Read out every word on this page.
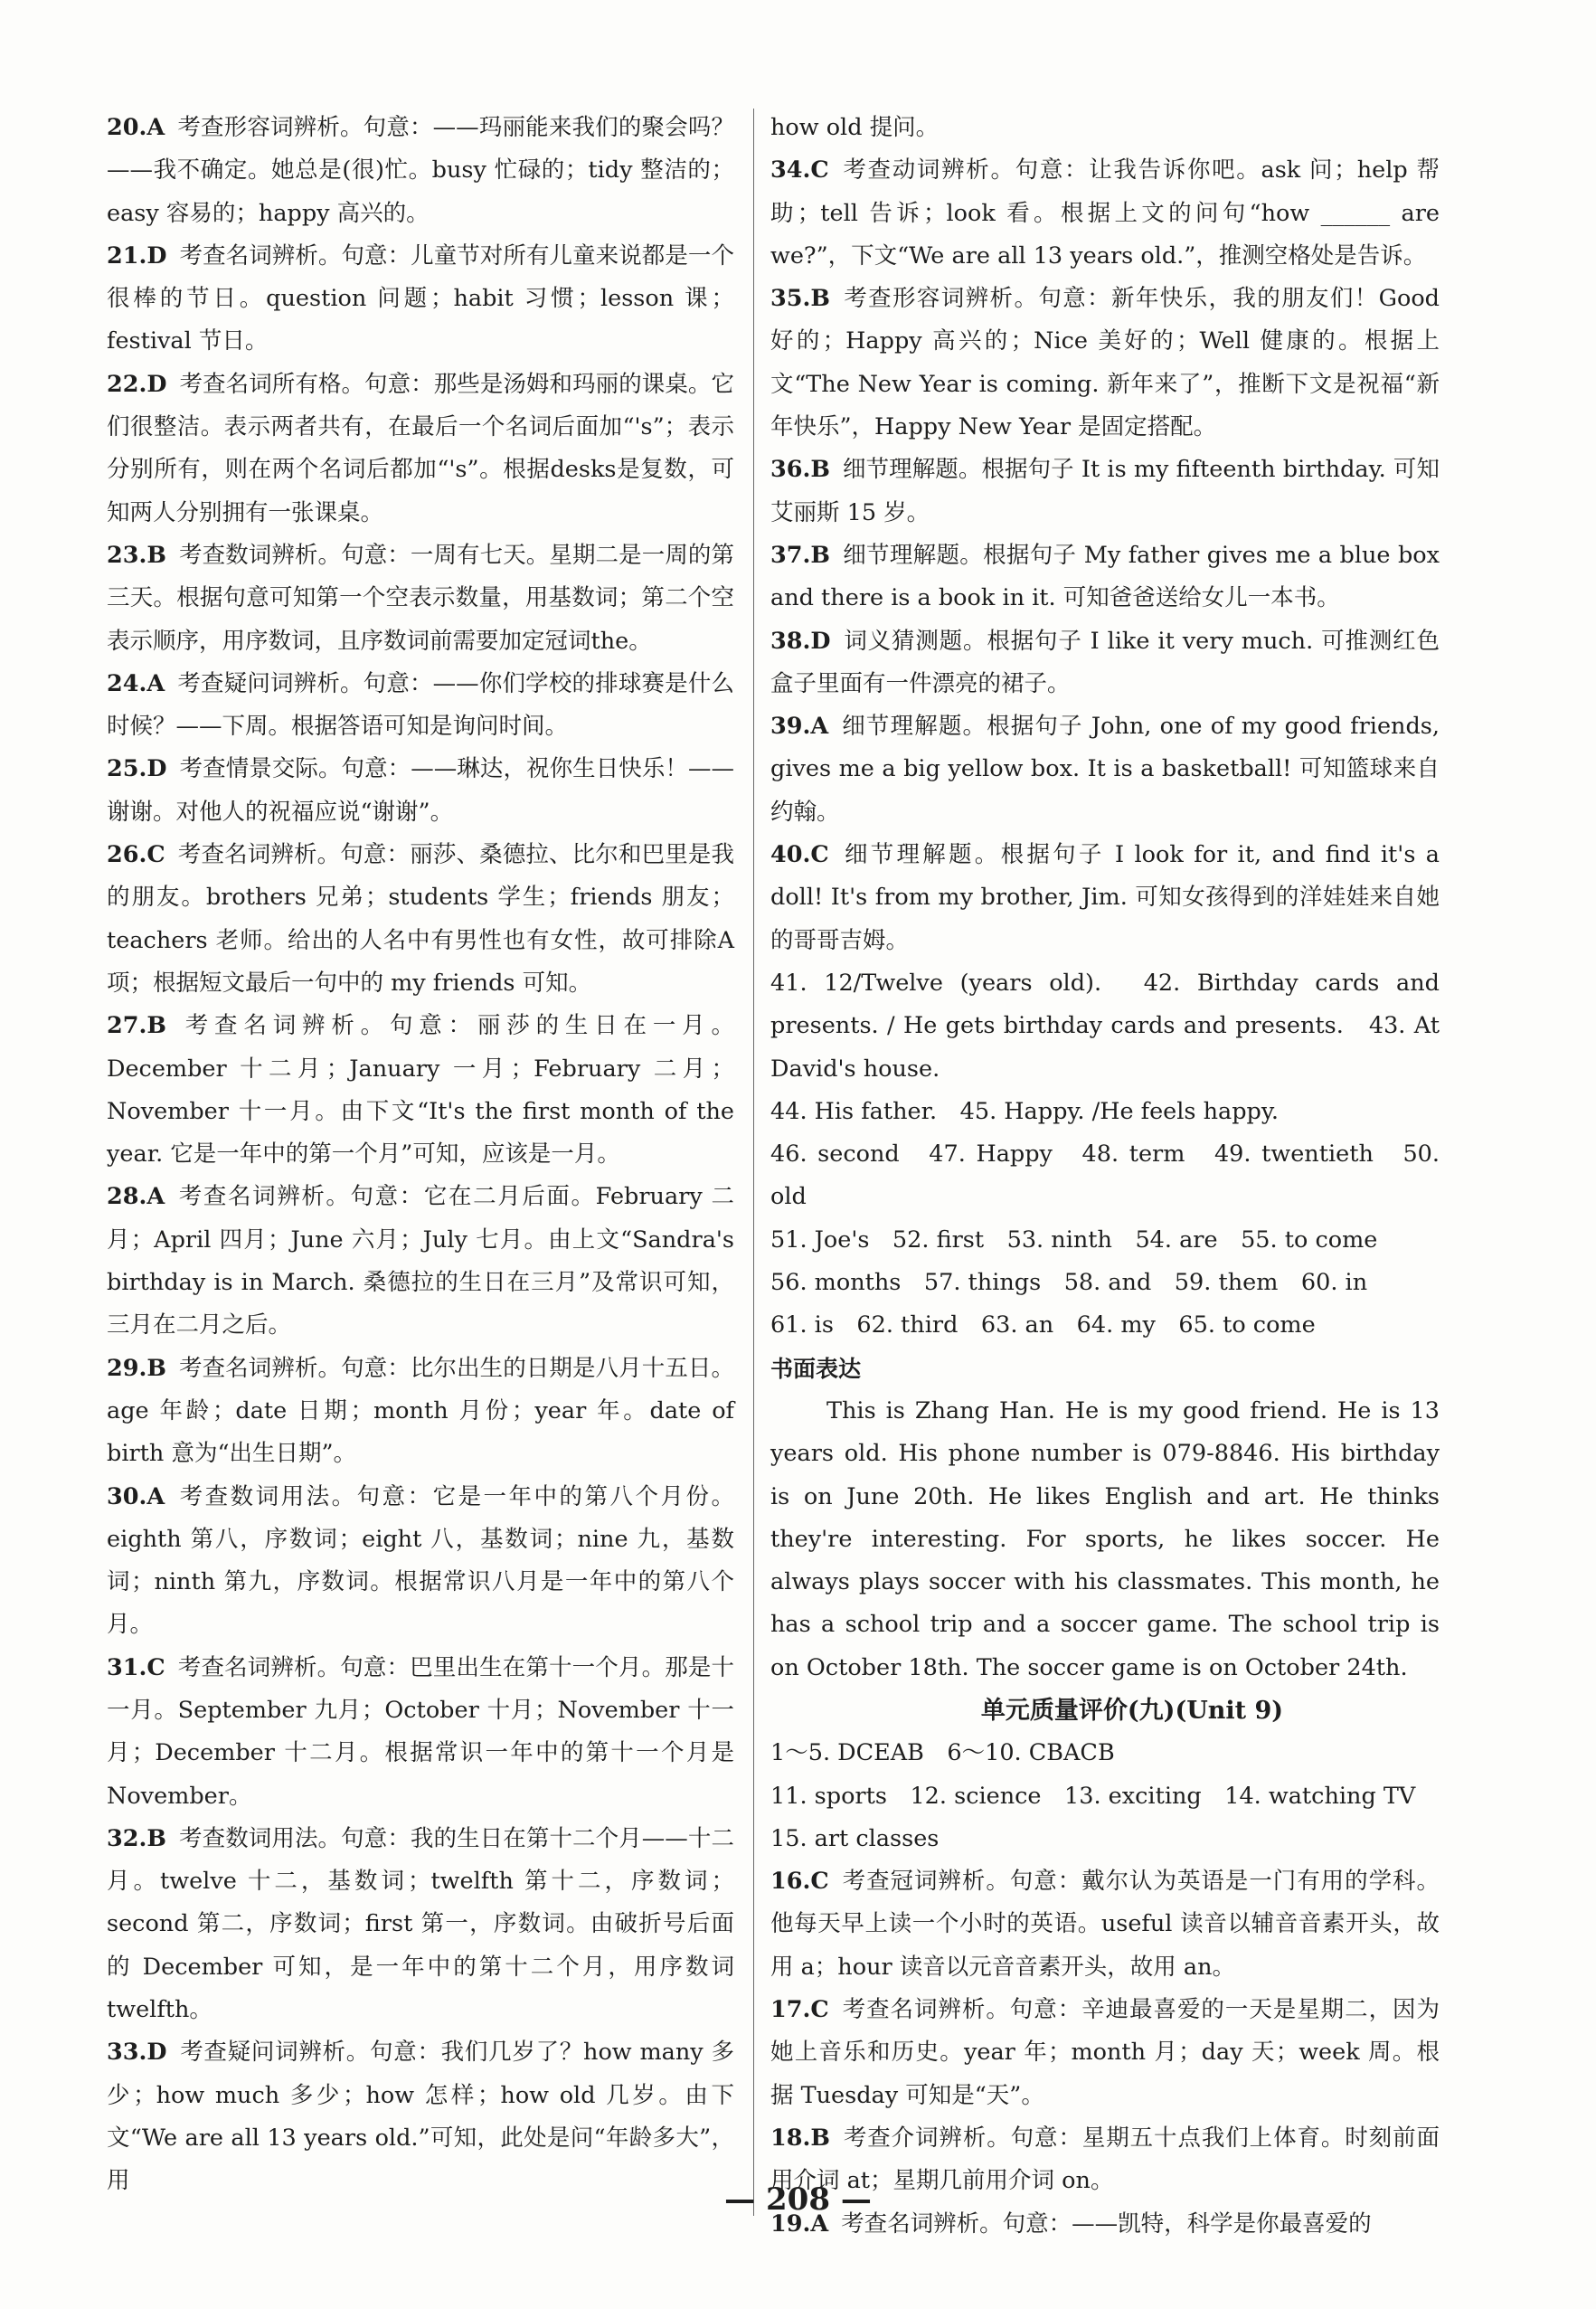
20.A 考查形容词辨析。句意：——玛丽能来我们的聚会吗？——我不确定。她总是(很)忙。busy 忙碌的；tidy 整洁的；easy 容易的；happy 高兴的。

21.D 考查名词辨析。句意：儿童节对所有儿童来说都是一个很棒的节日。question 问题；habit 习惯；lesson 课；festival 节日。

22.D 考查名词所有格。句意：那些是汤姆和玛丽的课桌。它们很整洁。表示两者共有，在最后一个名词后面加“'s”；表示分别所有，则在两个名词后都加“'s”。根据desks是复数，可知两人分别拥有一张课桌。

23.B 考查数词辨析。句意：一周有七天。星期二是一周的第三天。根据句意可知第一个空表示数量，用基数词；第二个空表示顺序，用序数词，且序数词前需要加定冠词the。

24.A 考查疑问词辨析。句意：——你们学校的排球赛是什么时候？——下周。根据答语可知是询问时间。

25.D 考查情景交际。句意：——琳达，祝你生日快乐！——谢谢。对他人的祝福应说“谢谢”。

26.C 考查名词辨析。句意：丽莎、桑德拉、比尔和巴里是我的朋友。brothers 兄弟；students 学生；friends 朋友；teachers 老师。给出的人名中有男性也有女性，故可排除A项；根据短文最后一句中的 my friends 可知。

27.B 考查名词辨析。句意：丽莎的生日在一月。December 十二月；January 一月；February 二月；November 十一月。由下文“It's the first month of the year. 它是一年中的第一个月”可知，应该是一月。

28.A 考查名词辨析。句意：它在二月后面。February 二月；April 四月；June 六月；July 七月。由上文“Sandra's birthday is in March. 桑德拉的生日在三月”及常识可知，三月在二月之后。

29.B 考查名词辨析。句意：比尔出生的日期是八月十五日。age 年龄；date 日期；month 月份；year 年。date of birth 意为“出生日期”。

30.A 考查数词用法。句意：它是一年中的第八个月份。eighth 第八，序数词；eight 八，基数词；nine 九，基数词；ninth 第九，序数词。根据常识八月是一年中的第八个月。

31.C 考查名词辨析。句意：巴里出生在第十一个月。那是十一月。September 九月；October 十月；November 十一月；December 十二月。根据常识一年中的第十一个月是 November。

32.B 考查数词用法。句意：我的生日在第十二个月——十二月。twelve 十二，基数词；twelfth 第十二，序数词；second 第二，序数词；first 第一，序数词。由破折号后面的 December 可知，是一年中的第十二个月，用序数词twelfth。

33.D 考查疑问词辨析。句意：我们几岁了？how many 多少；how much 多少；how 怎样；how old 几岁。由下文“We are all 13 years old.”可知，此处是问“年龄多大”，用

how old 提问。

34.C 考查动词辨析。句意：让我告诉你吧。ask 问；help 帮助；tell 告诉；look 看。根据上文的问句“how ______ are we?”，下文“We are all 13 years old.”，推测空格处是告诉。

35.B 考查形容词辨析。句意：新年快乐，我的朋友们！Good 好的；Happy 高兴的；Nice 美好的；Well 健康的。根据上文“The New Year is coming. 新年来了”，推断下文是祝福“新年快乐”，Happy New Year 是固定搭配。

36.B 细节理解题。根据句子 It is my fifteenth birthday. 可知艾丽斯 15 岁。

37.B 细节理解题。根据句子 My father gives me a blue box and there is a book in it. 可知爸爸送给女儿一本书。

38.D 词义猜测题。根据句子 I like it very much. 可推测红色盒子里面有一件漂亮的裙子。

39.A 细节理解题。根据句子 John, one of my good friends, gives me a big yellow box. It is a basketball! 可知篮球来自约翰。

40.C 细节理解题。根据句子 I look for it, and find it's a doll! It's from my brother, Jim. 可知女孩得到的洋娃娃来自她的哥哥吉姆。

41. 12/Twelve (years old).　42. Birthday cards and presents. / He gets birthday cards and presents.　43. At David's house.

44. His father.　45. Happy. /He feels happy.

46. second　47. Happy　48. term　49. twentieth　50. old

51. Joe's　52. first　53. ninth　54. are　55. to come

56. months　57. things　58. and　59. them　60. in

61. is　62. third　63. an　64. my　65. to come

书面表达

This is Zhang Han. He is my good friend. He is 13 years old. His phone number is 079-8846. His birthday is on June 20th. He likes English and art. He thinks they're interesting. For sports, he likes soccer. He always plays soccer with his classmates. This month, he has a school trip and a soccer game. The school trip is on October 18th. The soccer game is on October 24th.

单元质量评价(九)(Unit 9)

1～5. DCEAB　6～10. CBACB

11. sports　12. science　13. exciting　14. watching TV

15. art classes

16.C 考查冠词辨析。句意：戴尔认为英语是一门有用的学科。他每天早上读一个小时的英语。useful 读音以辅音音素开头，故用 a；hour 读音以元音音素开头，故用 an。

17.C 考查名词辨析。句意：辛迪最喜爱的一天是星期二，因为她上音乐和历史。year 年；month 月；day 天；week 周。根据 Tuesday 可知是“天”。

18.B 考查介词辨析。句意：星期五十点我们上体育。时刻前面用介词 at；星期几前用介词 on。

19.A 考查名词辨析。句意：——凯特，科学是你最喜爱的

— 208 —
